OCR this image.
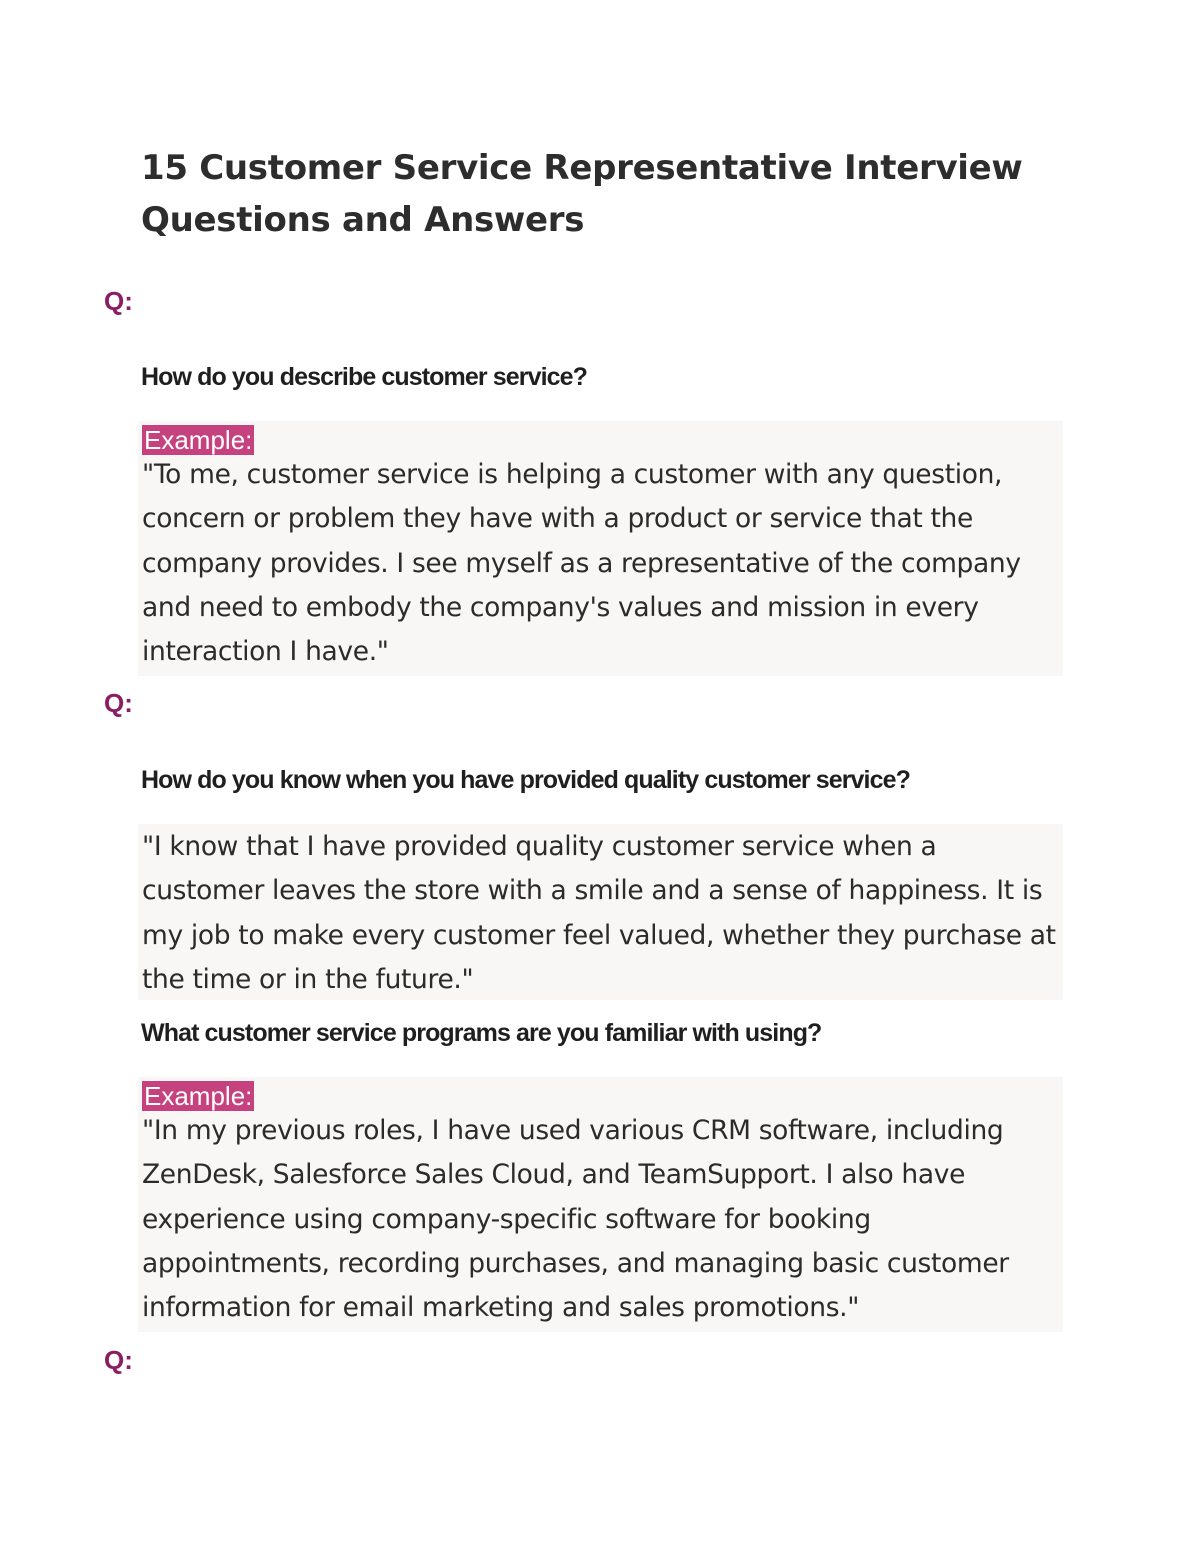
15 Customer Service Representative Interview Questions and Answers
Q:

How do you describe customer service?

Example:

"To me, customer service is helping a customer with any question, concern or problem they have with a product or service that the company provides. I see myself as a representative of the company and need to embody the company's values and mission in every interaction I have."

Q:

How do you know when you have provided quality customer service?

"I know that I have provided quality customer service when a customer leaves the store with a smile and a sense of happiness. It is my job to make every customer feel valued, whether they purchase at the time or in the future."

What customer service programs are you familiar with using?

Example:

"In my previous roles, I have used various CRM software, including ZenDesk, Salesforce Sales Cloud, and TeamSupport. I also have experience using company-specific software for booking appointments, recording purchases, and managing basic customer information for email marketing and sales promotions."

Q:
